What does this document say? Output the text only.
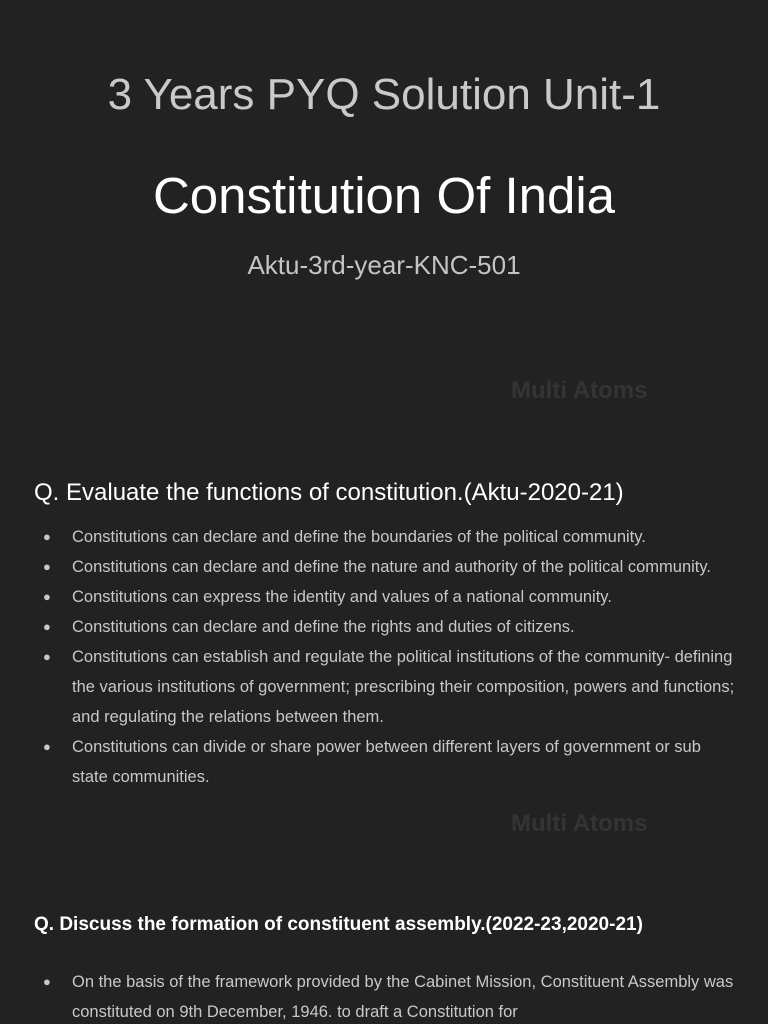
3 Years PYQ Solution Unit-1
Constitution Of India
Aktu-3rd-year-KNC-501
Multi Atoms
Q. Evaluate the functions of constitution.(Aktu-2020-21)
● Constitutions can declare and define the boundaries of the political community.
● Constitutions can declare and define the nature and authority of the political community.
● Constitutions can express the identity and values of a national community.
● Constitutions can declare and define the rights and duties of citizens.
● Constitutions can establish and regulate the political institutions of the community- defining the various institutions of government; prescribing their composition, powers and functions; and regulating the relations between them.
● Constitutions can divide or share power between different layers of government or sub state communities.
Multi Atoms
Q. Discuss the formation of constituent assembly.(2022-23,2020-21)
● On the basis of the framework provided by the Cabinet Mission, Constituent Assembly was constituted on 9th December, 1946. to draft a Constitution for
